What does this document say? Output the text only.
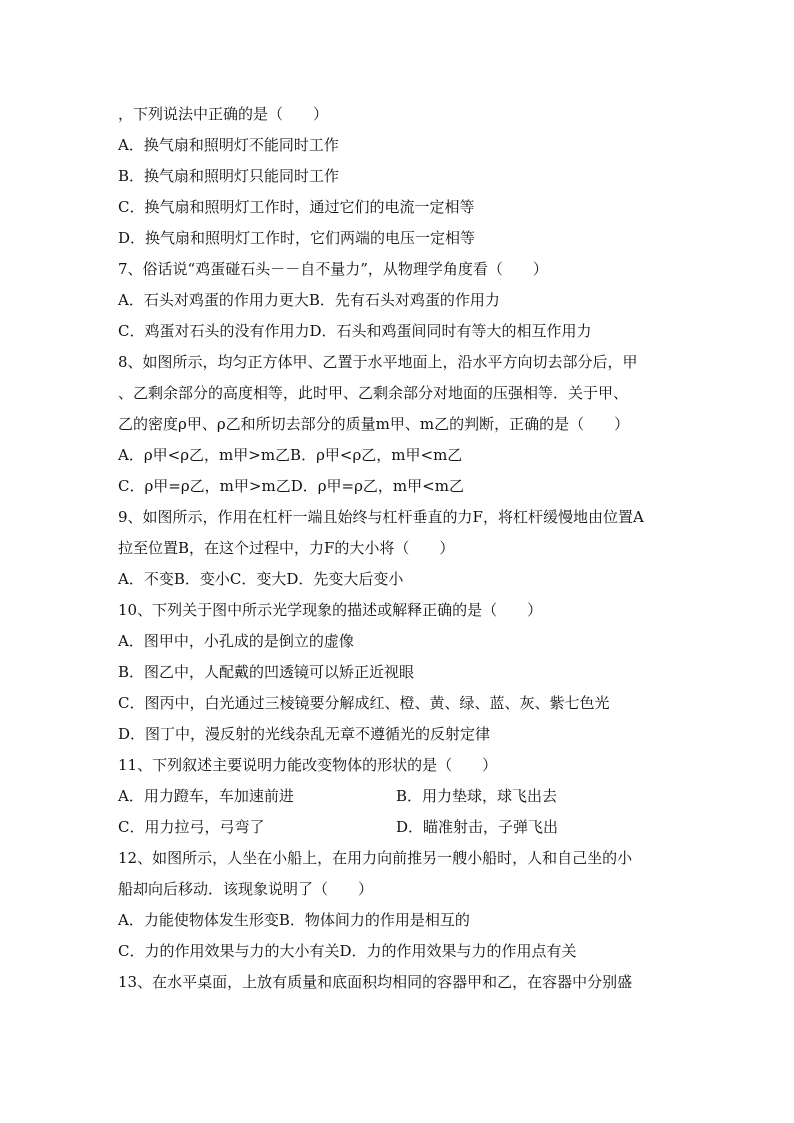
，下列说法中正确的是（　　）
A．换气扇和照明灯不能同时工作
B．换气扇和照明灯只能同时工作
C．换气扇和照明灯工作时，通过它们的电流一定相等
D．换气扇和照明灯工作时，它们两端的电压一定相等
7、俗话说“鸡蛋碰石头－－自不量力”，从物理学角度看（　　）
A．石头对鸡蛋的作用力更大B．先有石头对鸡蛋的作用力
C．鸡蛋对石头的没有作用力D．石头和鸡蛋间同时有等大的相互作用力
8、如图所示，均匀正方体甲、乙置于水平地面上，沿水平方向切去部分后，甲
、乙剩余部分的高度相等，此时甲、乙剩余部分对地面的压强相等．关于甲、
乙的密度ρ甲、ρ乙和所切去部分的质量m甲、m乙的判断，正确的是（　　）
A．ρ甲<ρ乙，m甲>m乙B．ρ甲<ρ乙，m甲<m乙
C．ρ甲=ρ乙，m甲>m乙D．ρ甲=ρ乙，m甲<m乙
9、如图所示，作用在杠杆一端且始终与杠杆垂直的力F，将杠杆缓慢地由位置A
拉至位置B，在这个过程中，力F的大小将（　　）
A．不变B．变小C．变大D．先变大后变小
10、下列关于图中所示光学现象的描述或解释正确的是（　　）
A．图甲中，小孔成的是倒立的虚像
B．图乙中，人配戴的凹透镜可以矫正近视眼
C．图丙中，白光通过三棱镜要分解成红、橙、黄、绿、蓝、灰、紫七色光
D．图丁中，漫反射的光线杂乱无章不遵循光的反射定律
11、下列叙述主要说明力能改变物体的形状的是（　　）
A．用力蹬车，车加速前进	B．用力垫球，球飞出去
C．用力拉弓，弓弯了	D．瞄准射击，子弹飞出
12、如图所示，人坐在小船上，在用力向前推另一艘小船时，人和自己坐的小
船却向后移动．该现象说明了（　　）
A．力能使物体发生形变B．物体间力的作用是相互的
C．力的作用效果与力的大小有关D．力的作用效果与力的作用点有关
13、在水平桌面，上放有质量和底面积均相同的容器甲和乙，在容器中分别盛
